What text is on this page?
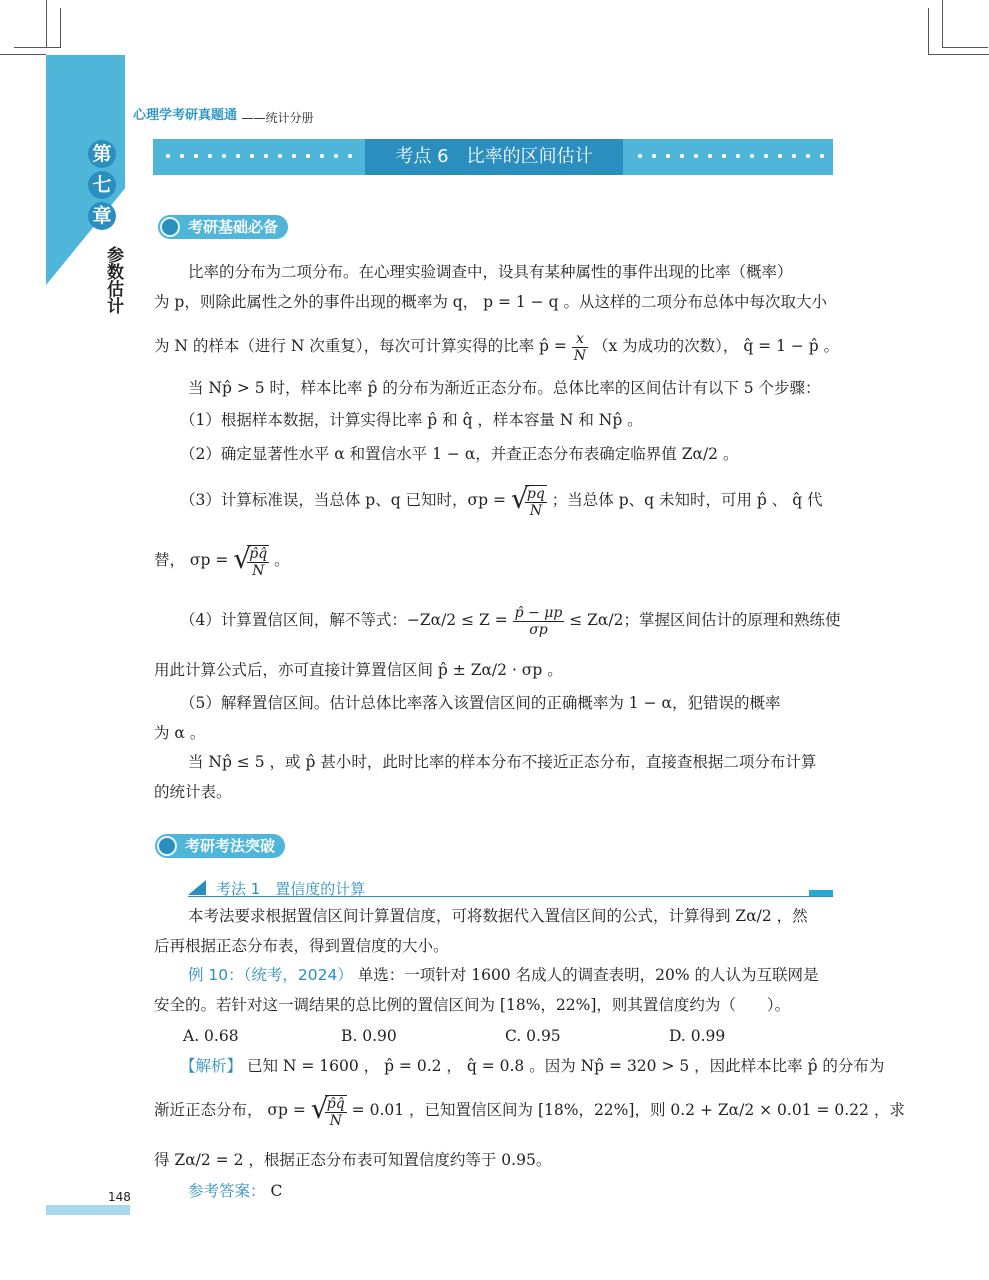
第
七
章
参数估计
心理学考研真题通 ——统计分册
考点 6　比率的区间估计
考研基础必备
比率的分布为二项分布。在心理实验调查中，设具有某种属性的事件出现的比率（概率）
为 p，则除此属性之外的事件出现的概率为 q， p = 1 − q 。从这样的二项分布总体中每次取大小
为 N 的样本（进行 N 次重复），每次可计算实得的比率 p̂ = $\frac{x}{N} (x$ 为成功的次数）， q̂ = 1 − p̂ 。
当 Np̂ > 5 时，样本比率 p̂ 的分布为渐近正态分布。总体比率的区间估计有以下 5 个步骤：
（1）根据样本数据，计算实得比率 p̂ 和 q̂ ，样本容量 N 和 Np̂ 。
（2）确定显著性水平 α 和置信水平 1 − α，并查正态分布表确定临界值 Zα/2 。
（3）计算标准误，当总体 p、q 已知时，σp = √
$\frac{pq}{N}$ ；当总体 p、q 未知时，可用 p̂ 、 q̂ 代
替， σp = √
$\frac{p̂q̂}{N}$ 。
（4）计算置信区间，解不等式：$-Z\alpha/2 \le Z = \frac{p̂ - \mu p}{\sigma p} \le Z\alpha/2$；掌握区间估计的原理和熟练使
用此计算公式后，亦可直接计算置信区间 p̂ ± Zα/2 · σp 。
（5）解释置信区间。估计总体比率落入该置信区间的正确概率为 1 − α，犯错误的概率
为 α 。
当 Np̂ ≤ 5 ，或 p̂ 甚小时，此时比率的样本分布不接近正态分布，直接查根据二项分布计算
的统计表。
考研考法突破
考法 1　置信度的计算
本考法要求根据置信区间计算置信度，可将数据代入置信区间的公式，计算得到 Zα/2 ，然
后再根据正态分布表，得到置信度的大小。
例 10：（统考，2024） 单选：一项针对 1600 名成人的调查表明，20% 的人认为互联网是
安全的。若针对这一调结果的总比例的置信区间为 [18%，22%]，则其置信度约为（　　）。
A. 0.68	B. 0.90	C. 0.95	D. 0.99
【解析】 已知 N = 1600 ， p̂ = 0.2 ， q̂ = 0.8 。因为 Np̂ = 320 > 5 ，因此样本比率 p̂ 的分布为
渐近正态分布， σp = √
$\frac{p̂q̂}{N} = 0.01$ ，已知置信区间为 [18%，22%]，则 0.2 + Zα/2 × 0.01 = 0.22 ，求
得 Zα/2 = 2 ，根据正态分布表可知置信度约等于 0.95。
参考答案： C
148
